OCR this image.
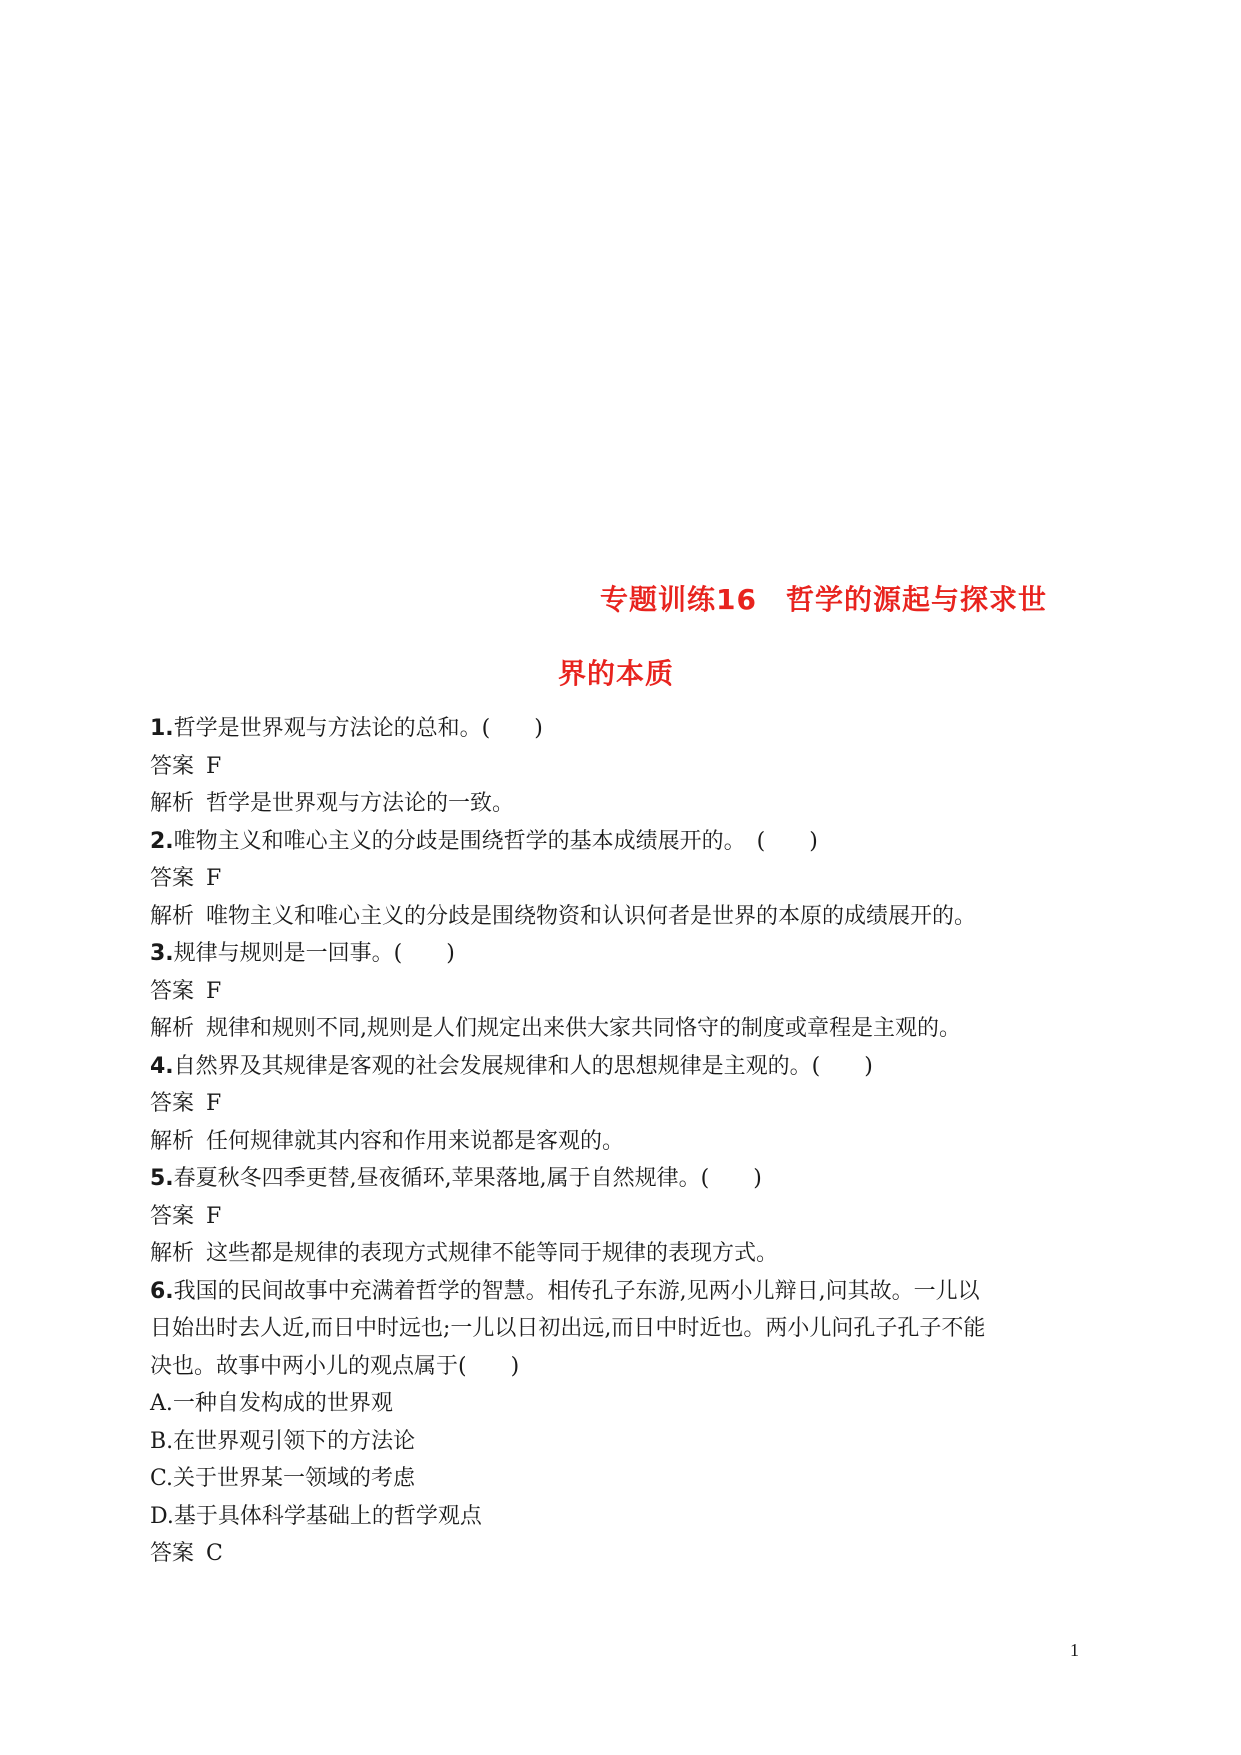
专题训练16　哲学的源起与探求世
界的本质
1.哲学是世界观与方法论的总和。(　　)
答案 F
解析 哲学是世界观与方法论的一致。
2.唯物主义和唯心主义的分歧是围绕哲学的基本成绩展开的。　(　　)
答案 F
解析 唯物主义和唯心主义的分歧是围绕物资和认识何者是世界的本原的成绩展开的。
3.规律与规则是一回事。(　　)
答案 F
解析 规律和规则不同,规则是人们规定出来供大家共同恪守的制度或章程是主观的。
4.自然界及其规律是客观的社会发展规律和人的思想规律是主观的。(　　)
答案 F
解析 任何规律就其内容和作用来说都是客观的。
5.春夏秋冬四季更替,昼夜循环,苹果落地,属于自然规律。(　　)
答案 F
解析 这些都是规律的表现方式规律不能等同于规律的表现方式。
6.我国的民间故事中充满着哲学的智慧。相传孔子东游,见两小儿辩日,问其故。一儿以
日始出时去人近,而日中时远也;一儿以日初出远,而日中时近也。两小儿问孔子孔子不能
决也。故事中两小儿的观点属于(　　)
A.一种自发构成的世界观
B.在世界观引领下的方法论
C.关于世界某一领域的考虑
D.基于具体科学基础上的哲学观点
答案 C
1
